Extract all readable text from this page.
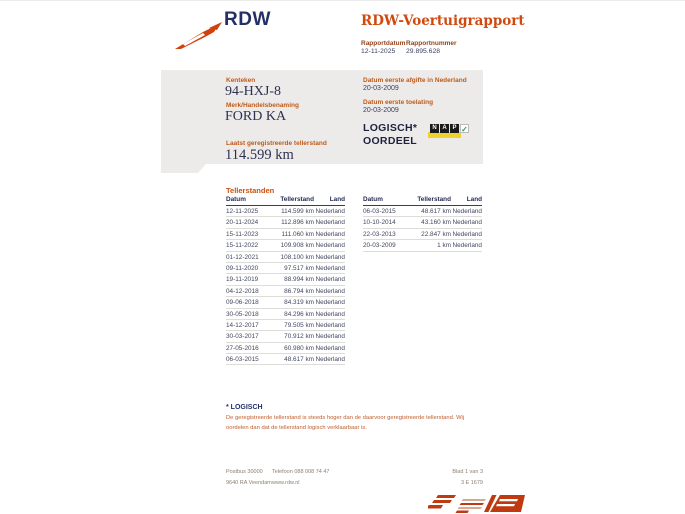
RDW	RDW-Voertuigrapport
Rapportdatum
12-11-2025
Rapportnummer
29.895.628
Kenteken
94-HXJ-8
Merk/Handelsbenaming
FORD KA
Laatst geregistreerde tellerstand
114.599 km
Datum eerste afgifte in Nederland
20-03-2009
Datum eerste toelating
20-03-2009
LOGISCH*
OORDEEL
N A P ✓
Tellerstanden
Datum	Tellerstand	Land
12-11-2025	114.599 km Nederland
20-11-2024	112.896 km Nederland
15-11-2023	111.060 km Nederland
15-11-2022	109.908 km Nederland
01-12-2021	108.100 km Nederland
09-11-2020	97.517 km Nederland
19-11-2019	88.994 km Nederland
04-12-2018	86.794 km Nederland
09-06-2018	84.319 km Nederland
30-05-2018	84.296 km Nederland
14-12-2017	79.505 km Nederland
30-03-2017	70.912 km Nederland
27-05-2016	60.980 km Nederland
06-03-2015	48.617 km Nederland
Datum	Tellerstand	Land
06-03-2015	48.617 km Nederland
10-10-2014	43.160 km Nederland
22-03-2013	22.847 km Nederland
20-03-2009	1 km Nederland
* LOGISCH
De geregistreerde tellerstand is steeds hoger dan de daarvoor geregistreerde tellerstand. Wij oordelen dan dat de tellerstand logisch verklaarbaar is.
Postbus 30000
9640 RA Veendam
Telefoon 088 008 74 47
www.rdw.nl
Blad 1 van 3
3 E 1679
